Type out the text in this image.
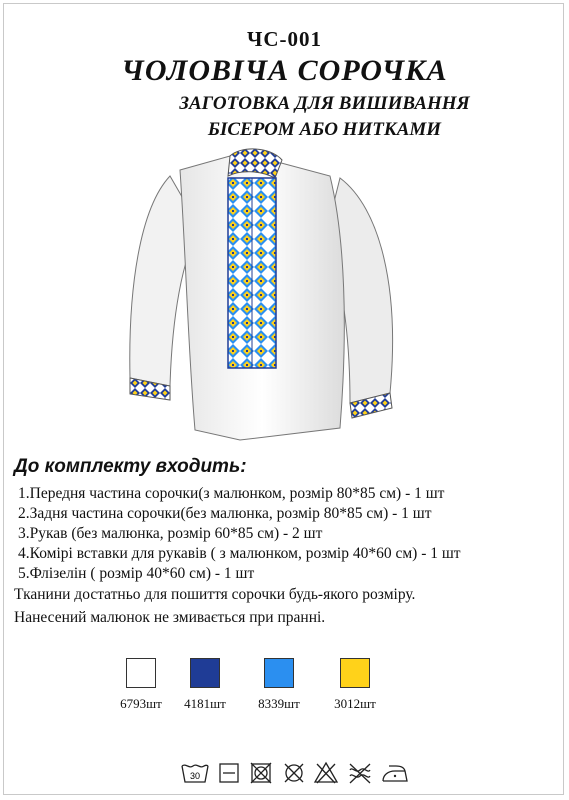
ЧС-001
ЧОЛОВІЧА СОРОЧКА
ЗАГОТОВКА ДЛЯ ВИШИВАННЯ
БІСЕРОМ АБО НИТКАМИ
До комплекту входить:
1.Передня частина сорочки(з малюнком, розмір 80*85 см) - 1 шт
2.Задня частина сорочки(без малюнка, розмір 80*85 см) - 1 шт
3.Рукав (без малюнка, розмір 60*85 см) - 2 шт
4.Комірі вставки для рукавів ( з малюнком, розмір 40*60 см) - 1 шт
5.Флізелін ( розмір 40*60 см) - 1 шт
Тканини достатньо для пошиття сорочки будь-якого розміру.
Нанесений малюнок не змивається при пранні.
6793шт	4181шт	8339шт	3012шт
30
